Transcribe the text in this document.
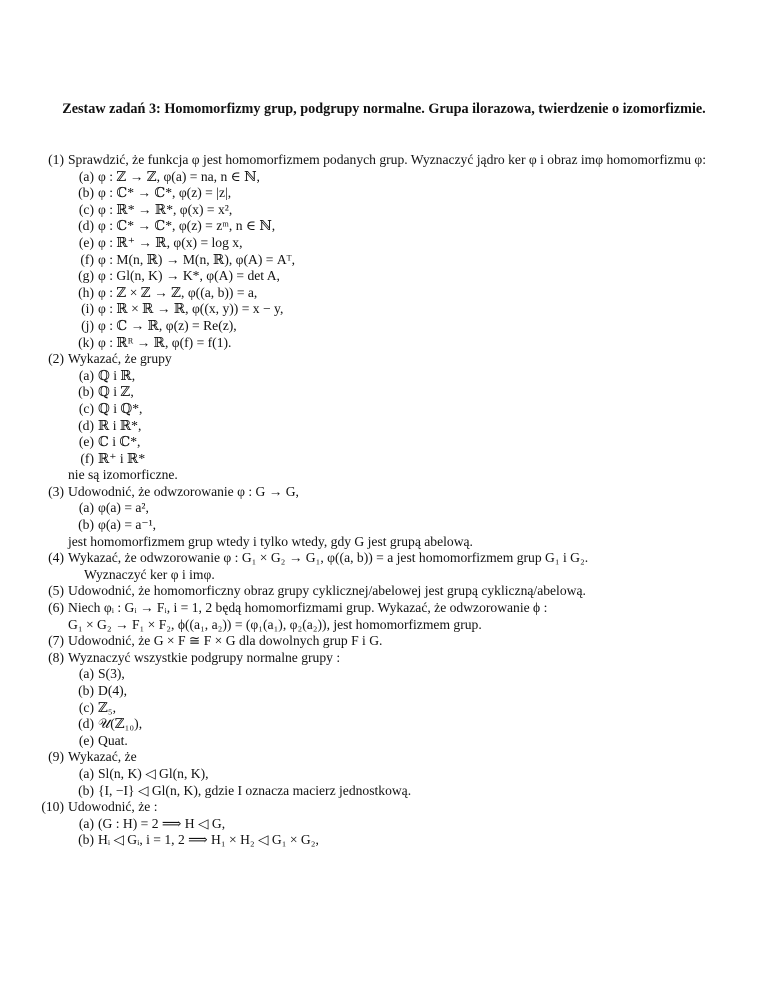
Zestaw zadań 3: Homomorfizmy grup, podgrupy normalne. Grupa ilorazowa, twierdzenie o izomorfizmie.
(1) Sprawdzić, że funkcja φ jest homomorfizmem podanych grup. Wyznaczyć jądro ker φ i obraz imφ homomorfizmu φ:
(a) φ : ℤ → ℤ, φ(a) = na, n ∈ ℕ,
(b) φ : ℂ* → ℂ*, φ(z) = |z|,
(c) φ : ℝ* → ℝ*, φ(x) = x²,
(d) φ : ℂ* → ℂ*, φ(z) = zᵐ, n ∈ ℕ,
(e) φ : ℝ⁺ → ℝ, φ(x) = log x,
(f) φ : M(n, ℝ) → M(n, ℝ), φ(A) = Aᵀ,
(g) φ : Gl(n, K) → K*, φ(A) = det A,
(h) φ : ℤ × ℤ → ℤ, φ((a, b)) = a,
(i) φ : ℝ × ℝ → ℝ, φ((x, y)) = x − y,
(j) φ : ℂ → ℝ, φ(z) = Re(z),
(k) φ : ℝᴿ → ℝ, φ(f) = f(1).
(2) Wykazać, że grupy
(a) ℚ i ℝ,
(b) ℚ i ℤ,
(c) ℚ i ℚ*,
(d) ℝ i ℝ*,
(e) ℂ i ℂ*,
(f) ℝ⁺ i ℝ*
nie są izomorficzne.
(3) Udowodnić, że odwzorowanie φ : G → G,
(a) φ(a) = a²,
(b) φ(a) = a⁻¹,
jest homomorfizmem grup wtedy i tylko wtedy, gdy G jest grupą abelową.
(4) Wykazać, że odwzorowanie φ : G₁ × G₂ → G₁, φ((a, b)) = a jest homomorfizmem grup G₁ i G₂.
Wyznaczyć ker φ i imφ.
(5) Udowodnić, że homomorficzny obraz grupy cyklicznej/abelowej jest grupą cykliczną/abelową.
(6) Niech φᵢ : Gᵢ → Fᵢ, i = 1, 2 będą homomorfizmami grup. Wykazać, że odwzorowanie ϕ :
G₁ × G₂ → F₁ × F₂, ϕ((a₁, a₂)) = (φ₁(a₁), φ₂(a₂)), jest homomorfizmem grup.
(7) Udowodnić, że G × F ≅ F × G dla dowolnych grup F i G.
(8) Wyznaczyć wszystkie podgrupy normalne grupy :
(a) S(3),
(b) D(4),
(c) ℤ₅,
(d) 𝒰(ℤ₁₀),
(e) Quat.
(9) Wykazać, że
(a) Sl(n, K) ◁ Gl(n, K),
(b) {I, −I} ◁ Gl(n, K), gdzie I oznacza macierz jednostkową.
(10) Udowodnić, że :
(a) (G : H) = 2 ⟹ H ◁ G,
(b) Hᵢ ◁ Gᵢ, i = 1, 2 ⟹ H₁ × H₂ ◁ G₁ × G₂,
